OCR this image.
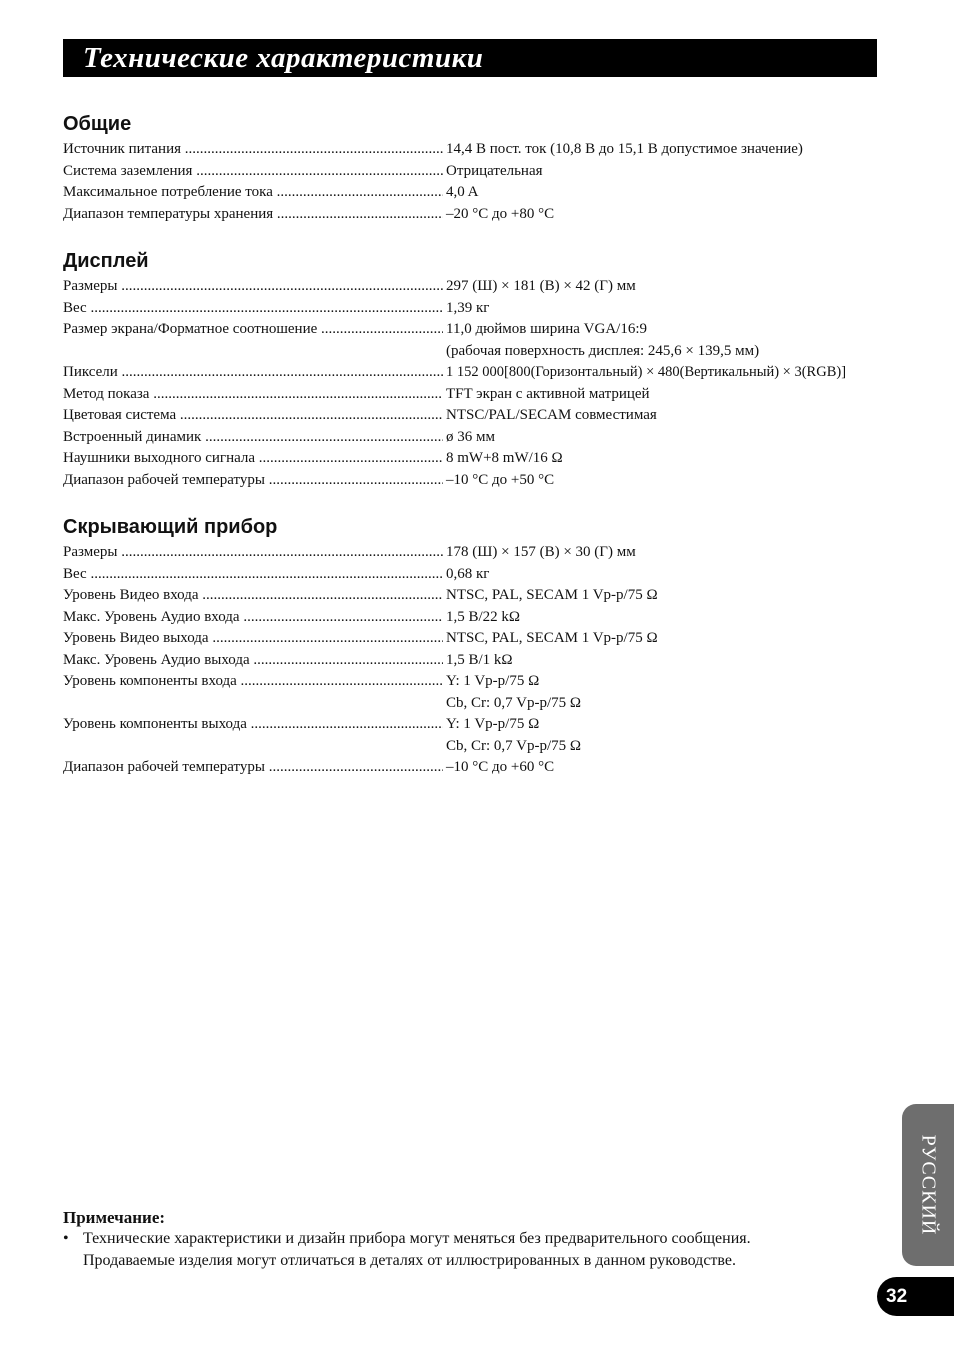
Технические характеристики
Общие
Источник питания .....	14,4 В пост. ток (10,8 В до 15,1 В допустимое значение)
Система заземления .....	Отрицательная
Максимальное потребление тока .....	4,0 A
Диапазон температуры хранения .....	–20 °C до +80 °C
Дисплей
Размеры .....	297 (Ш) × 181 (В) × 42 (Г) мм
Вес .....	1,39 кг
Размер экрана/Форматное соотношение .....	11,0 дюймов ширина VGA/16:9
(рабочая поверхность дисплея: 245,6 × 139,5 мм)
Пиксели .....	1 152 000[800(Горизонтальный) × 480(Вертикальный) × 3(RGB)]
Метод показа .....	TFT экран с активной матрицей
Цветовая система .....	NTSC/PAL/SECAM совместимая
Встроенный динамик .....	ø 36 мм
Наушники выходного сигнала .....	8 mW+8 mW/16 Ω
Диапазон рабочей температуры .....	–10 °C до +50 °C
Скрывающий прибор
Размеры .....	178 (Ш) × 157 (В) × 30 (Г) мм
Вес .....	0,68 кг
Уровень Видео входа .....	NTSC, PAL, SECAM 1 Vp-p/75 Ω
Макс. Уровень Аудио входа .....	1,5 В/22 kΩ
Уровень Видео выхода .....	NTSC, PAL, SECAM 1 Vp-p/75 Ω
Макс. Уровень Аудио выхода .....	1,5 В/1 kΩ
Уровень компоненты входа .....	Y: 1 Vp-p/75 Ω
Cb, Cr: 0,7 Vp-p/75 Ω
Уровень компоненты выхода .....	Y: 1 Vp-p/75 Ω
Cb, Cr: 0,7 Vp-p/75 Ω
Диапазон рабочей температуры .....	–10 °C до +60 °C
Примечание:
• Технические характеристики и дизайн прибора могут меняться без предварительного сообщения.
Продаваемые изделия могут отличаться в деталях от иллюстрированных в данном руководстве.
РУССКИЙ
32
